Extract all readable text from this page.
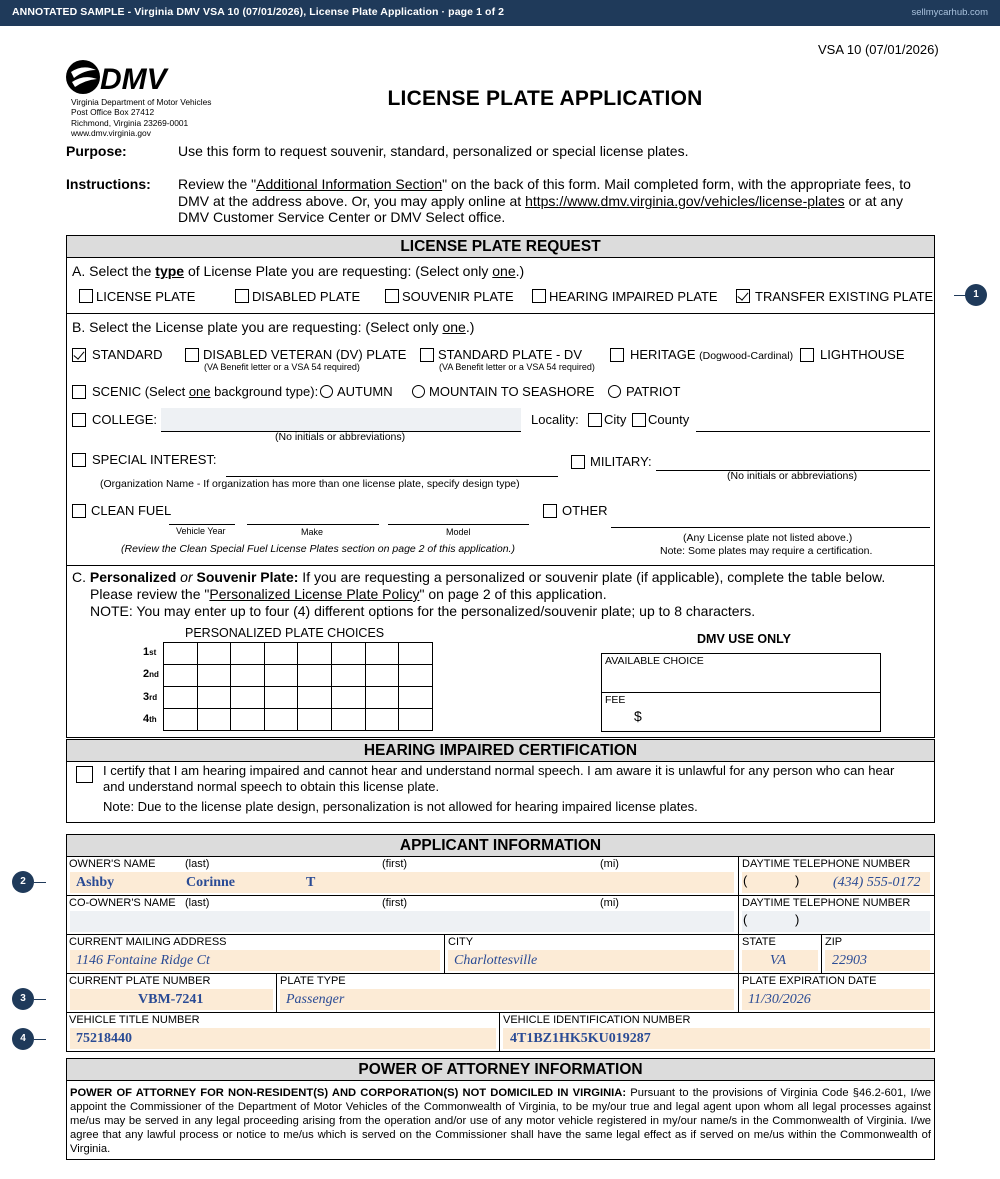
ANNOTATED SAMPLE - Virginia DMV VSA 10 (07/01/2026), License Plate Application · page 1 of 2	sellmycarhub.com
VSA 10 (07/01/2026)
DMV
Virginia Department of Motor Vehicles
Post Office Box 27412
Richmond, Virginia 23269-0001
www.dmv.virginia.gov
LICENSE PLATE APPLICATION
Purpose:	Use this form to request souvenir, standard, personalized or special license plates.
Instructions: Review the "Additional Information Section" on the back of this form. Mail completed form, with the appropriate fees, to DMV at the address above. Or, you may apply online at https://www.dmv.virginia.gov/vehicles/license-plates or at any DMV Customer Service Center or DMV Select office.
LICENSE PLATE REQUEST
A. Select the type of License Plate you are requesting: (Select only one.)
LICENSE PLATE	DISABLED PLATE	SOUVENIR PLATE	HEARING IMPAIRED PLATE	TRANSFER EXISTING PLATE
B. Select the License plate you are requesting: (Select only one.)
STANDARD	DISABLED VETERAN (DV) PLATE
(VA Benefit letter or a VSA 54 required)
STANDARD PLATE - DV
(VA Benefit letter or a VSA 54 required)
HERITAGE (Dogwood-Cardinal) LIGHTHOUSE
SCENIC (Select one background type): AUTUMN	MOUNTAIN TO SEASHORE PATRIOT
COLLEGE:
(No initials or abbreviations)
Locality: City County
SPECIAL INTEREST:
(Organization Name - If organization has more than one license plate, specify design type)
MILITARY:
(No initials or abbreviations)
CLEAN FUEL
Vehicle Year	Make	Model
(Review the Clean Special Fuel License Plates section on page 2 of this application.)
OTHER
(Any License plate not listed above.)
Note: Some plates may require a certification.
C. Personalized or Souvenir Plate: If you are requesting a personalized or souvenir plate (if applicable), complete the table below.
Please review the "Personalized License Plate Policy" on page 2 of this application.
NOTE: You may enter up to four (4) different options for the personalized/souvenir plate; up to 8 characters.
PERSONALIZED PLATE CHOICES
1st
2nd
3rd
4th

DMV USE ONLY
AVAILABLE CHOICE
FEE
$
HEARING IMPAIRED CERTIFICATION
I certify that I am hearing impaired and cannot hear and understand normal speech. I am aware it is unlawful for any person who can hear
and understand normal speech to obtain this license plate.
Note: Due to the license plate design, personalization is not allowed for hearing impaired license plates.
APPLICANT INFORMATION
OWNER'S NAME	(last)	(first)	(mi)
Ashby	Corinne	T
DAYTIME TELEPHONE NUMBER
(	) (434) 555-0172
CO-OWNER'S NAME (last)	(first)	(mi)	DAYTIME TELEPHONE NUMBER
(	)
CURRENT MAILING ADDRESS
1146 Fontaine Ridge Ct
CITY
Charlottesville
STATE
VA
ZIP
22903
CURRENT PLATE NUMBER
VBM-7241
PLATE TYPE
Passenger
PLATE EXPIRATION DATE
11/30/2026
VEHICLE TITLE NUMBER
75218440
VEHICLE IDENTIFICATION NUMBER
4T1BZ1HK5KU019287
POWER OF ATTORNEY INFORMATION
POWER OF ATTORNEY FOR NON-RESIDENT(S) AND CORPORATION(S) NOT DOMICILED IN VIRGINIA: Pursuant to the provisions of Virginia Code §46.2-601, I/we appoint the Commissioner of the Department of Motor Vehicles of the Commonwealth of Virginia, to be my/our true and legal agent upon whom all legal processes against me/us may be served in any legal proceeding arising from the operation and/or use of any motor vehicle registered in my/our name/s in the Commonwealth of Virginia. I/we agree that any lawful process or notice to me/us which is served on the Commissioner shall have the same legal effect as if served on me/us within the Commonwealth of Virginia.
1
2
3
4
